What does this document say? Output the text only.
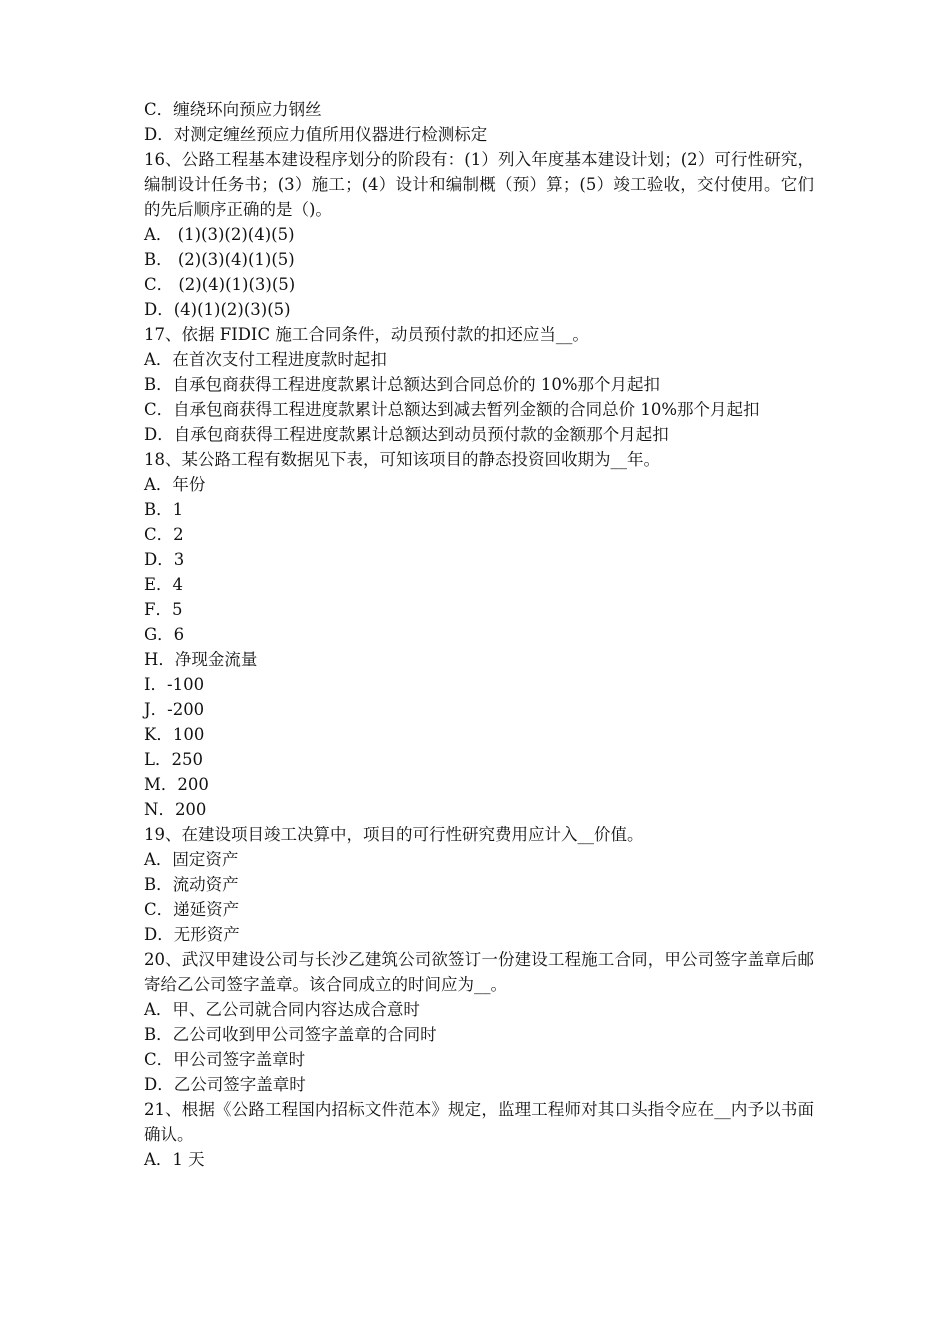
C．缠绕环向预应力钢丝

D．对测定缠丝预应力值所用仪器进行检测标定

16、公路工程基本建设程序划分的阶段有：(1）列入年度基本建设计划；(2）可行性研究，编制设计任务书；(3）施工；(4）设计和编制概（预）算；(5）竣工验收，交付使用。它们的先后顺序正确的是（)。

A． (1)(3)(2)(4)(5)

B． (2)(3)(4)(1)(5)

C． (2)(4)(1)(3)(5)

D．(4)(1)(2)(3)(5)

17、依据 FIDIC 施工合同条件，动员预付款的扣还应当__。

A．在首次支付工程进度款时起扣

B．自承包商获得工程进度款累计总额达到合同总价的 10%那个月起扣

C．自承包商获得工程进度款累计总额达到减去暂列金额的合同总价 10%那个月起扣

D．自承包商获得工程进度款累计总额达到动员预付款的金额那个月起扣

18、某公路工程有数据见下表，可知该项目的静态投资回收期为__年。

A．年份

B．1

C．2

D．3

E．4

F．5

G．6

H．净现金流量

I．-100

J．-200

K．100

L．250

M．200

N．200

19、在建设项目竣工决算中，项目的可行性研究费用应计入__价值。

A．固定资产

B．流动资产

C．递延资产

D．无形资产

20、武汉甲建设公司与长沙乙建筑公司欲签订一份建设工程施工合同，甲公司签字盖章后邮寄给乙公司签字盖章。该合同成立的时间应为__。

A．甲、乙公司就合同内容达成合意时

B．乙公司收到甲公司签字盖章的合同时

C．甲公司签字盖章时

D．乙公司签字盖章时

21、根据《公路工程国内招标文件范本》规定，监理工程师对其口头指令应在__内予以书面确认。

A．1 天
